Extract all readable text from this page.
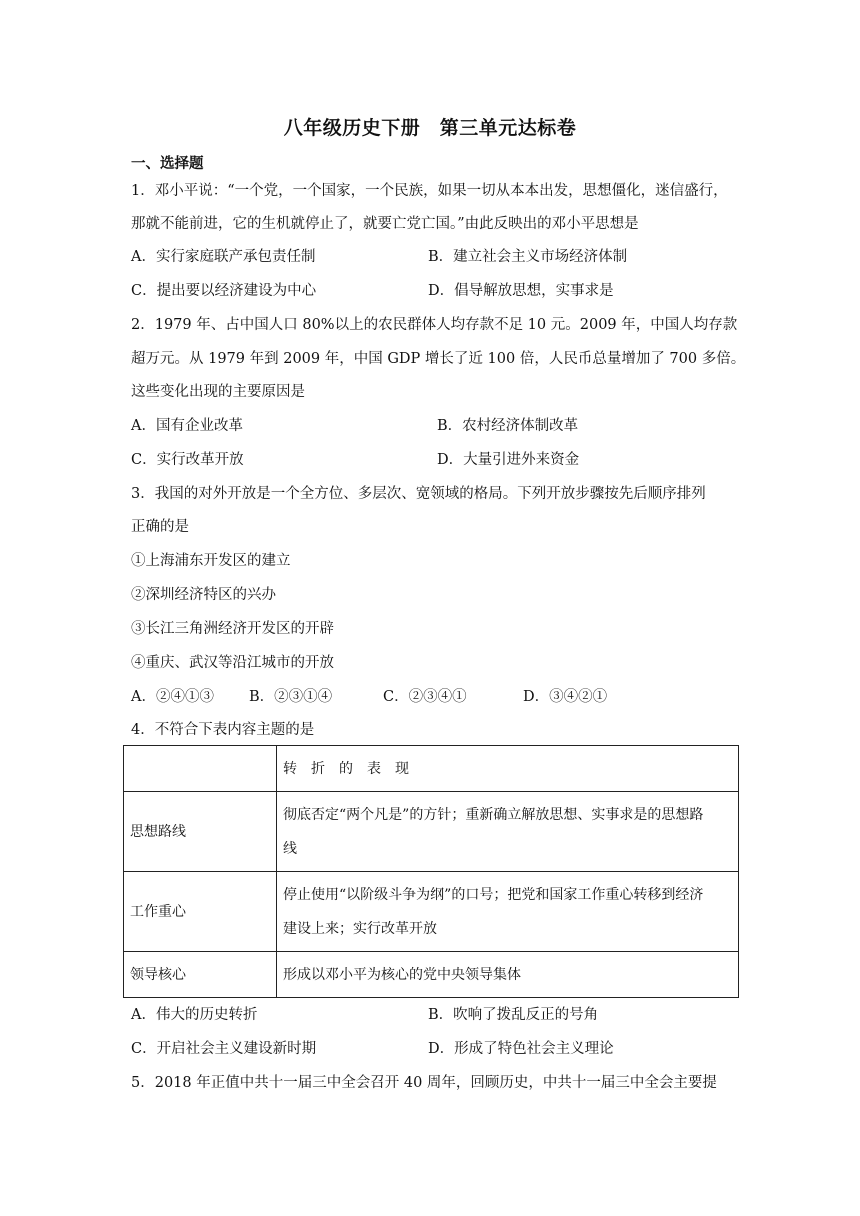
八年级历史下册　第三单元达标卷
一、选择题
1．邓小平说：“一个党，一个国家，一个民族，如果一切从本本出发，思想僵化，迷信盛行，
那就不能前进，它的生机就停止了，就要亡党亡国。”由此反映出的邓小平思想是
A．实行家庭联产承包责任制	B．建立社会主义市场经济体制
C．提出要以经济建设为中心	D．倡导解放思想，实事求是
2．1979 年、占中国人口 80%以上的农民群体人均存款不足 10 元。2009 年，中国人均存款
超万元。从 1979 年到 2009 年，中国 GDP 增长了近 100 倍，人民币总量增加了 700 多倍。
这些变化出现的主要原因是
A．国有企业改革	B．农村经济体制改革
C．实行改革开放	D．大量引进外来资金
3．我国的对外开放是一个全方位、多层次、宽领域的格局。下列开放步骤按先后顺序排列
正确的是
①上海浦东开发区的建立
②深圳经济特区的兴办
③长江三角洲经济开发区的开辟
④重庆、武汉等沿江城市的开放
A．②④①③ B．②③①④	C．②③④①	D．③④②①
4．不符合下表内容主题的是
	转折的表现
思想路线	彻底否定“两个凡是”的方针；重新确立解放思想、实事求是的思想路
线

工作重心	停止使用“以阶级斗争为纲”的口号；把党和国家工作重心转移到经济
建设上来；实行改革开放

领导核心	形成以邓小平为核心的党中央领导集体
A．伟大的历史转折	B．吹响了拨乱反正的号角
C．开启社会主义建设新时期	D．形成了特色社会主义理论
5．2018 年正值中共十一届三中全会召开 40 周年，回顾历史，中共十一届三中全会主要提
